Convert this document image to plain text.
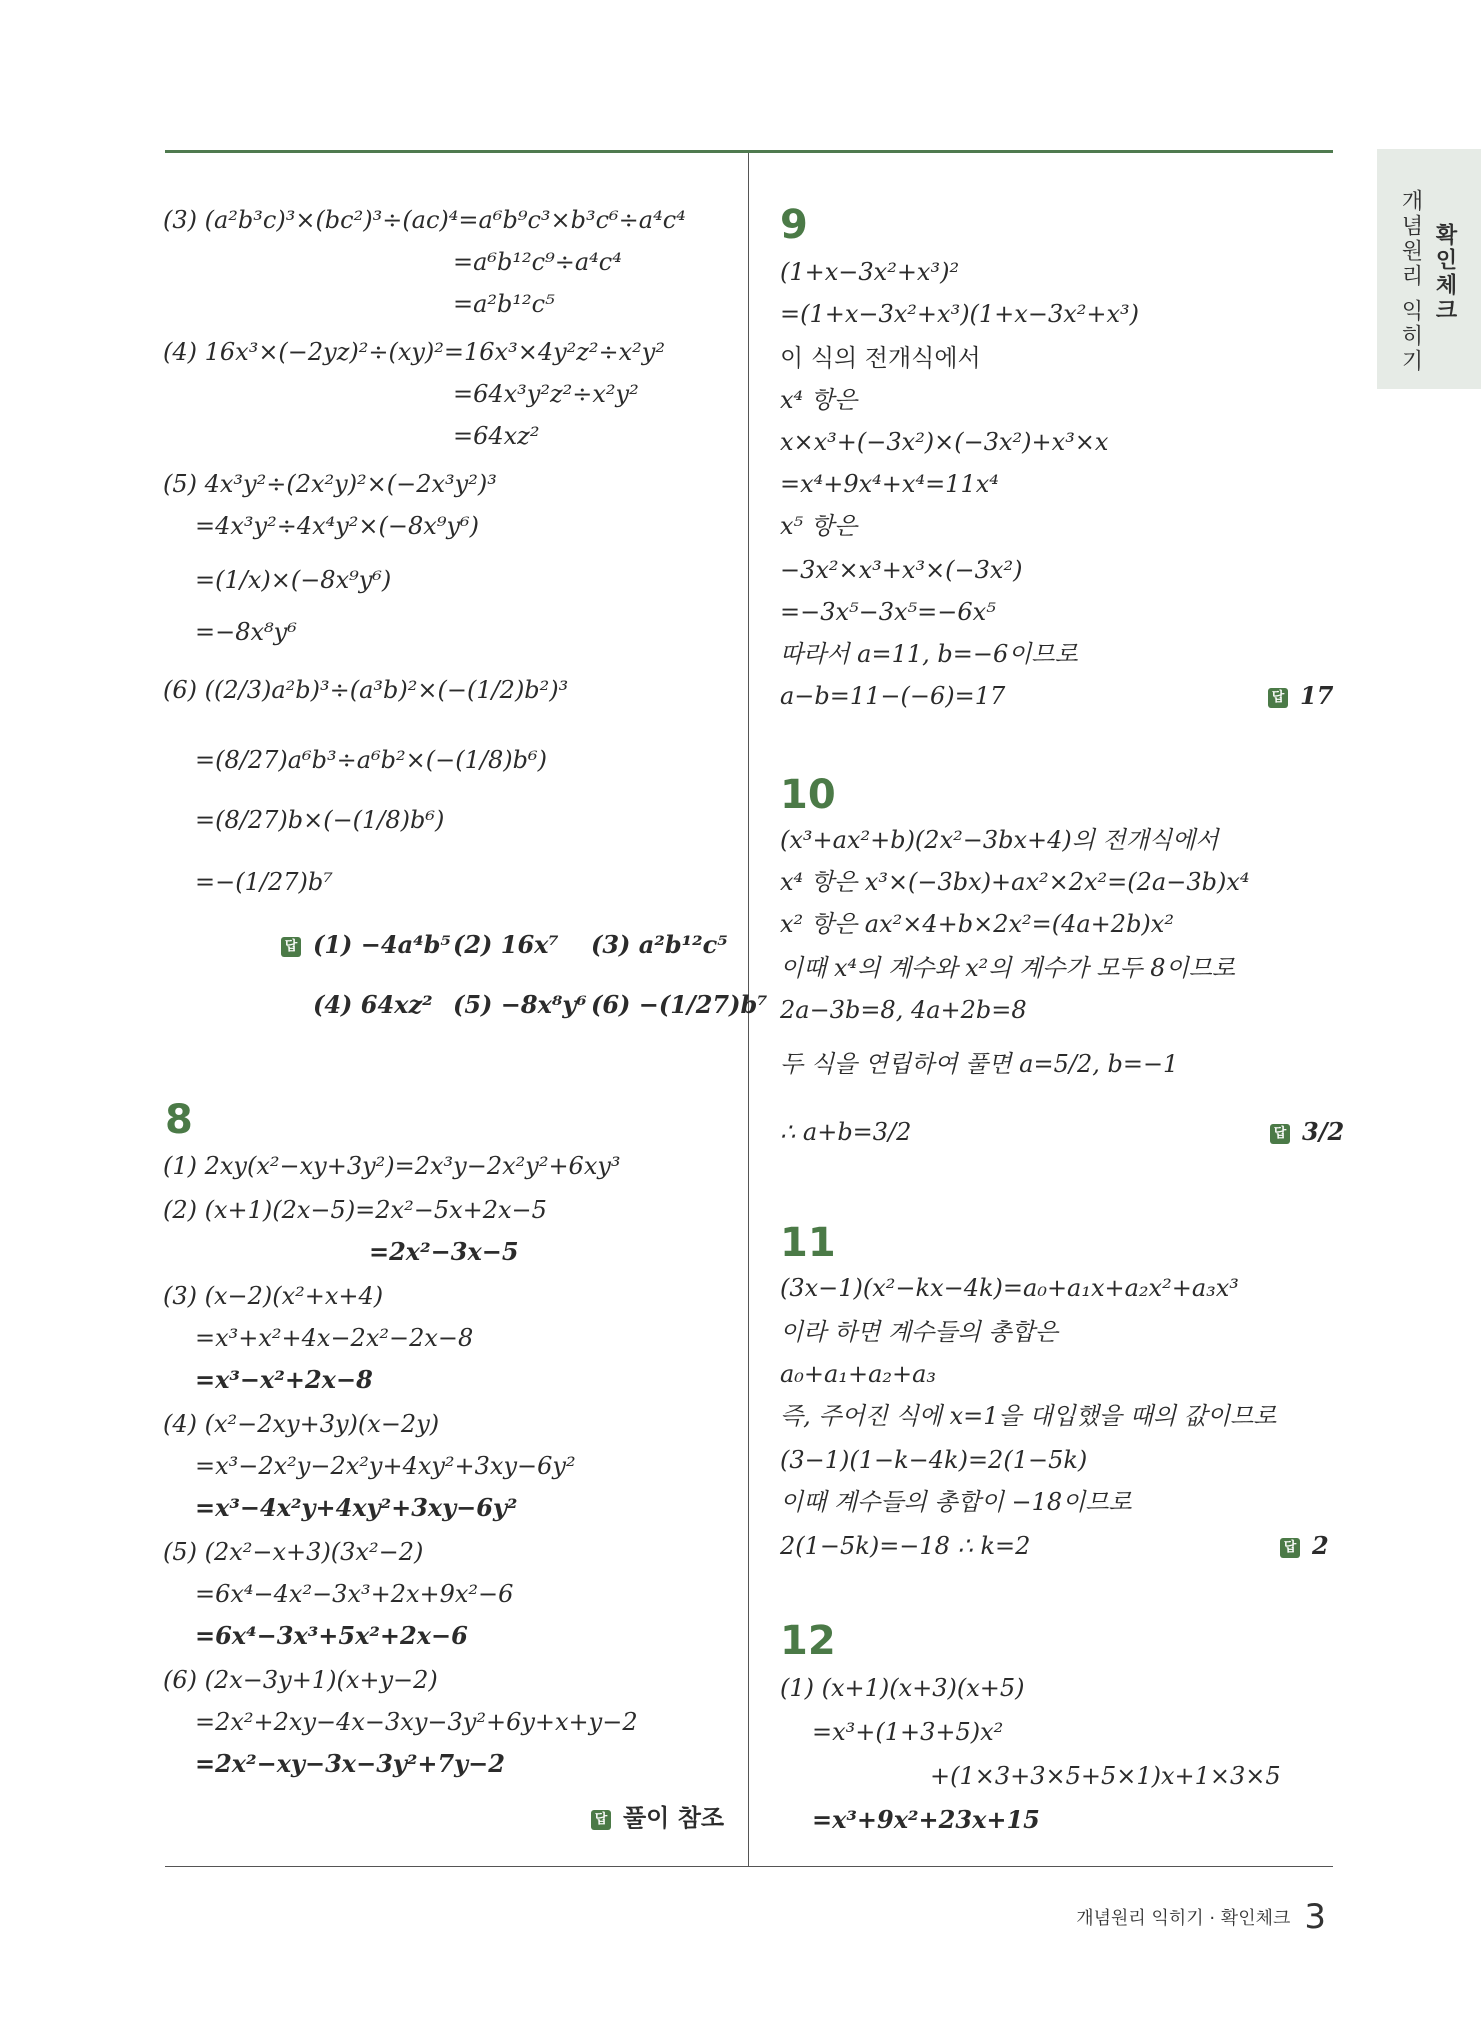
개념원리 익히기 확인체크
(3) (a²b³c)³×(bc²)³÷(ac)⁴=a⁶b⁹c³×b³c⁶÷a⁴c⁴
=a⁶b¹²c⁹÷a⁴c⁴
=a²b¹²c⁵
(4) 16x³×(−2yz)²÷(xy)²=16x³×4y²z²÷x²y²
=64x³y²z²÷x²y²
=64xz²
(5) 4x³y²÷(2x²y)²×(−2x³y²)³
=4x³y²÷4x⁴y²×(−8x⁹y⁶)
=(1/x)×(−8x⁹y⁶)
=−8x⁸y⁶
(6) ((2/3)a²b)³÷(a³b)²×(−(1/2)b²)³
=(8/27)a⁶b³÷a⁶b²×(−(1/8)b⁶)
=(8/27)b×(−(1/8)b⁶)
=−(1/27)b⁷
답 (1) −4a⁴b⁵ (2) 16x⁷ (3) a²b¹²c⁵
(4) 64xz² (5) −8x⁸y⁶ (6) −(1/27)b⁷
8
(1) 2xy(x²−xy+3y²)=2x³y−2x²y²+6xy³
(2) (x+1)(2x−5)=2x²−5x+2x−5
=2x²−3x−5
(3) (x−2)(x²+x+4)
=x³+x²+4x−2x²−2x−8
=x³−x²+2x−8
(4) (x²−2xy+3y)(x−2y)
=x³−2x²y−2x²y+4xy²+3xy−6y²
=x³−4x²y+4xy²+3xy−6y²
(5) (2x²−x+3)(3x²−2)
=6x⁴−4x²−3x³+2x+9x²−6
=6x⁴−3x³+5x²+2x−6
(6) (2x−3y+1)(x+y−2)
=2x²+2xy−4x−3xy−3y²+6y+x+y−2
=2x²−xy−3x−3y²+7y−2
답 풀이 참조
9
(1+x−3x²+x³)²
=(1+x−3x²+x³)(1+x−3x²+x³)
이 식의 전개식에서
x⁴ 항은
x×x³+(−3x²)×(−3x²)+x³×x
=x⁴+9x⁴+x⁴=11x⁴
x⁵ 항은
−3x²×x³+x³×(−3x²)
=−3x⁵−3x⁵=−6x⁵
따라서 a=11, b=−6이므로
a−b=11−(−6)=17	답 17
10
(x³+ax²+b)(2x²−3bx+4)의 전개식에서
x⁴ 항은 x³×(−3bx)+ax²×2x²=(2a−3b)x⁴
x² 항은 ax²×4+b×2x²=(4a+2b)x²
이때 x⁴의 계수와 x²의 계수가 모두 8이므로
2a−3b=8, 4a+2b=8
두 식을 연립하여 풀면 a=5/2, b=−1
∴ a+b=3/2	답 3/2
11
(3x−1)(x²−kx−4k)=a₀+a₁x+a₂x²+a₃x³
이라 하면 계수들의 총합은
a₀+a₁+a₂+a₃
즉, 주어진 식에 x=1을 대입했을 때의 값이므로
(3−1)(1−k−4k)=2(1−5k)
이때 계수들의 총합이 −18이므로
2(1−5k)=−18 ∴ k=2	답 2
12
(1) (x+1)(x+3)(x+5)
=x³+(1+3+5)x²
+(1×3+3×5+5×1)x+1×3×5
=x³+9x²+23x+15
개념원리 익히기 · 확인체크 3
